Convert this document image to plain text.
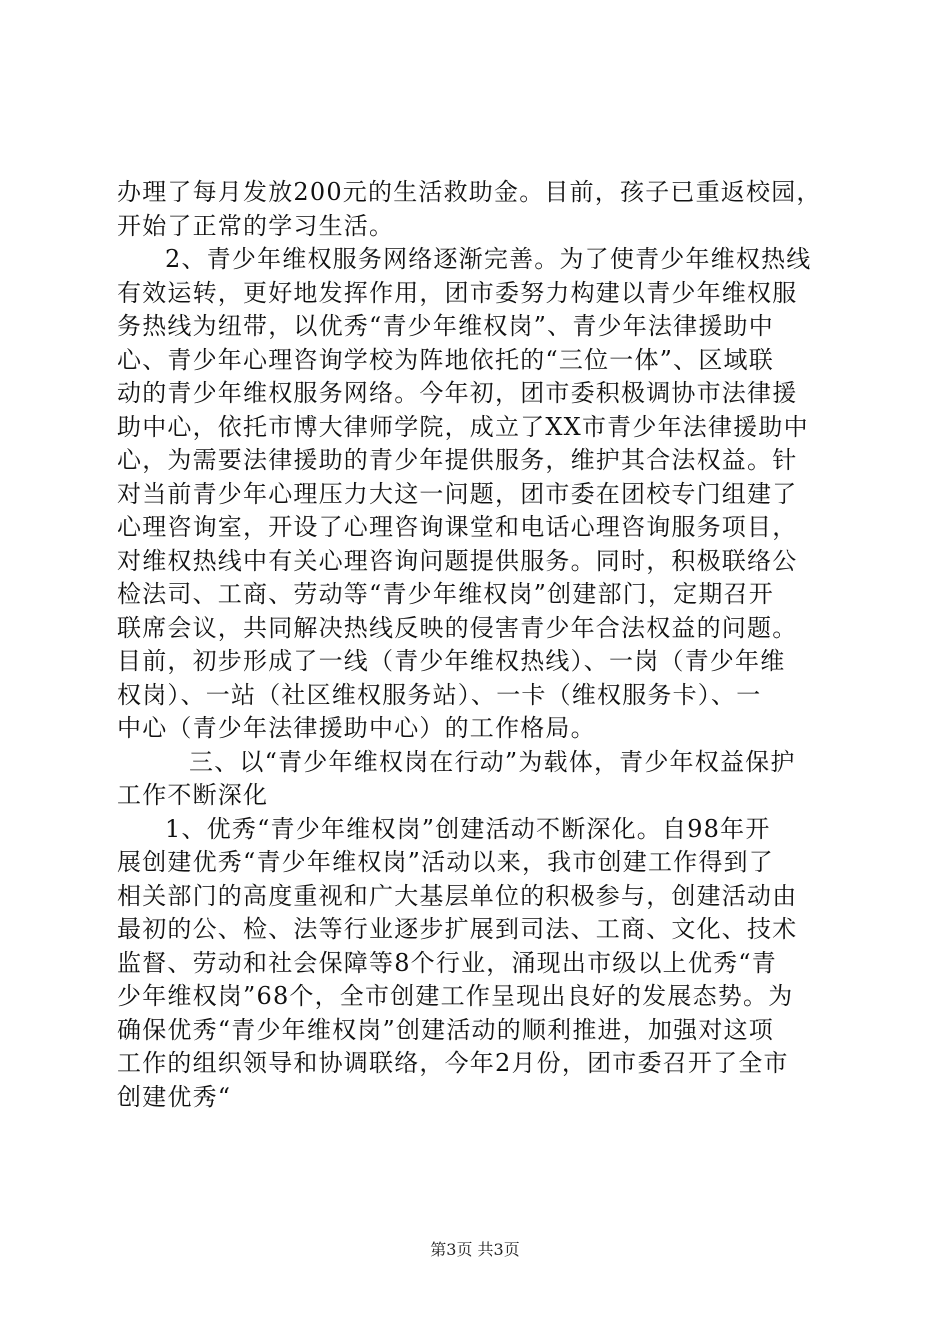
办理了每月发放200元的生活救助金。目前，孩子已重返校园，
开始了正常的学习生活。
2、青少年维权服务网络逐渐完善。为了使青少年维权热线
有效运转，更好地发挥作用，团市委努力构建以青少年维权服
务热线为纽带，以优秀“青少年维权岗”、青少年法律援助中
心、青少年心理咨询学校为阵地依托的“三位一体”、区域联
动的青少年维权服务网络。今年初，团市委积极调协市法律援
助中心，依托市博大律师学院，成立了XX市青少年法律援助中
心，为需要法律援助的青少年提供服务，维护其合法权益。针
对当前青少年心理压力大这一问题，团市委在团校专门组建了
心理咨询室，开设了心理咨询课堂和电话心理咨询服务项目，
对维权热线中有关心理咨询问题提供服务。同时，积极联络公
检法司、工商、劳动等“青少年维权岗”创建部门，定期召开
联席会议，共同解决热线反映的侵害青少年合法权益的问题。
目前，初步形成了一线（青少年维权热线）、一岗（青少年维
权岗）、一站（社区维权服务站）、一卡（维权服务卡）、一
中心（青少年法律援助中心）的工作格局。
三、以“青少年维权岗在行动”为载体，青少年权益保护
工作不断深化
1、优秀“青少年维权岗”创建活动不断深化。自98年开
展创建优秀“青少年维权岗”活动以来，我市创建工作得到了
相关部门的高度重视和广大基层单位的积极参与，创建活动由
最初的公、检、法等行业逐步扩展到司法、工商、文化、技术
监督、劳动和社会保障等8个行业，涌现出市级以上优秀“青
少年维权岗”68个，全市创建工作呈现出良好的发展态势。为
确保优秀“青少年维权岗”创建活动的顺利推进，加强对这项
工作的组织领导和协调联络，今年2月份，团市委召开了全市
创建优秀“
第3页 共3页
